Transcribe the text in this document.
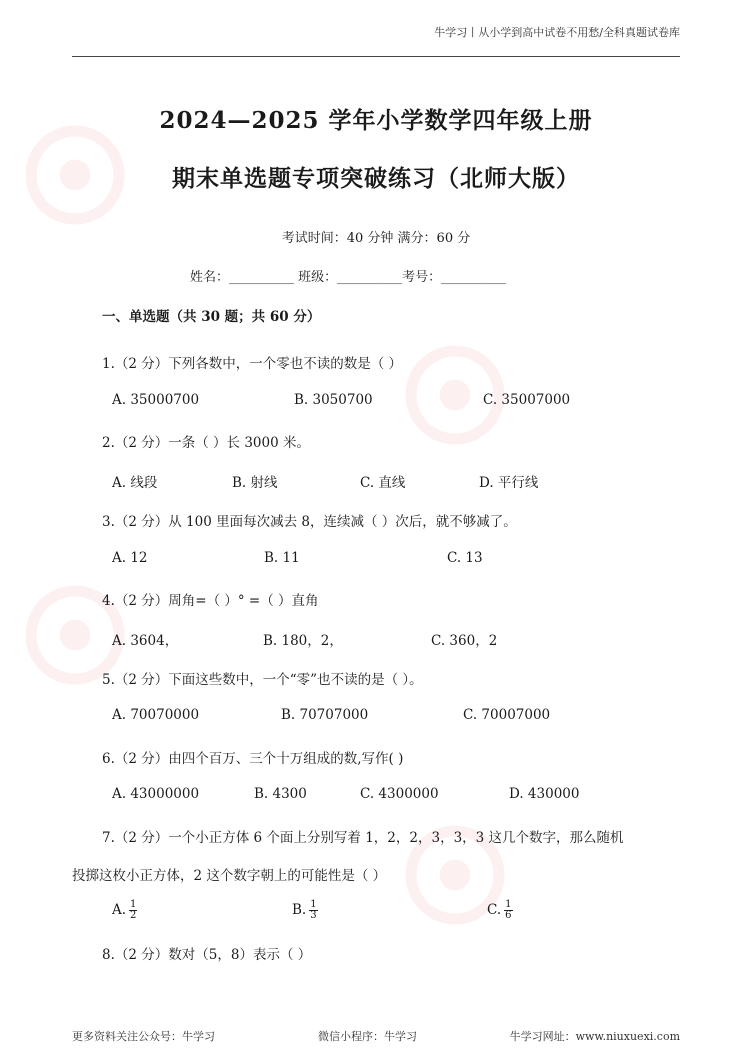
牛学习丨从小学到高中试卷不用愁/全科真题试卷库
2024—2025 学年小学数学四年级上册
期末单选题专项突破练习（北师大版）
考试时间：40 分钟 满分：60 分
姓名：__________ 班级：__________考号：__________
一、单选题（共 30 题；共 60 分）
1.（2 分）下列各数中，一个零也不读的数是（ ）
A. 35000700	B. 3050700	C. 35007000
2.（2 分）一条（ ）长 3000 米。
A. 线段	B. 射线	C. 直线	D. 平行线
3.（2 分）从 100 里面每次减去 8，连续减（ ）次后，就不够减了。
A. 12	B. 11	C. 13
4.（2 分）周角=（ ）° =（ ）直角
A. 3604，	B. 180，2，	C. 360，2
5.（2 分）下面这些数中，一个“零”也不读的是（ ）。
A. 70070000	B. 70707000	C. 70007000
6.（2 分）由四个百万、三个十万组成的数,写作( )
A. 43000000	B. 4300	C. 4300000	D. 430000
7.（2 分）一个小正方体 6 个面上分别写着 1，2，2，3，3，3 这几个数字，那么随机
投掷这枚小正方体，2 这个数字朝上的可能性是（ ）
A. $\frac{1}{2}$	B. $\frac{1}{3}$	C. $\frac{1}{6}$
8.（2 分）数对（5，8）表示（ ）
更多资料关注公众号：牛学习	微信小程序：牛学习	牛学习网址：www.niuxuexi.com
